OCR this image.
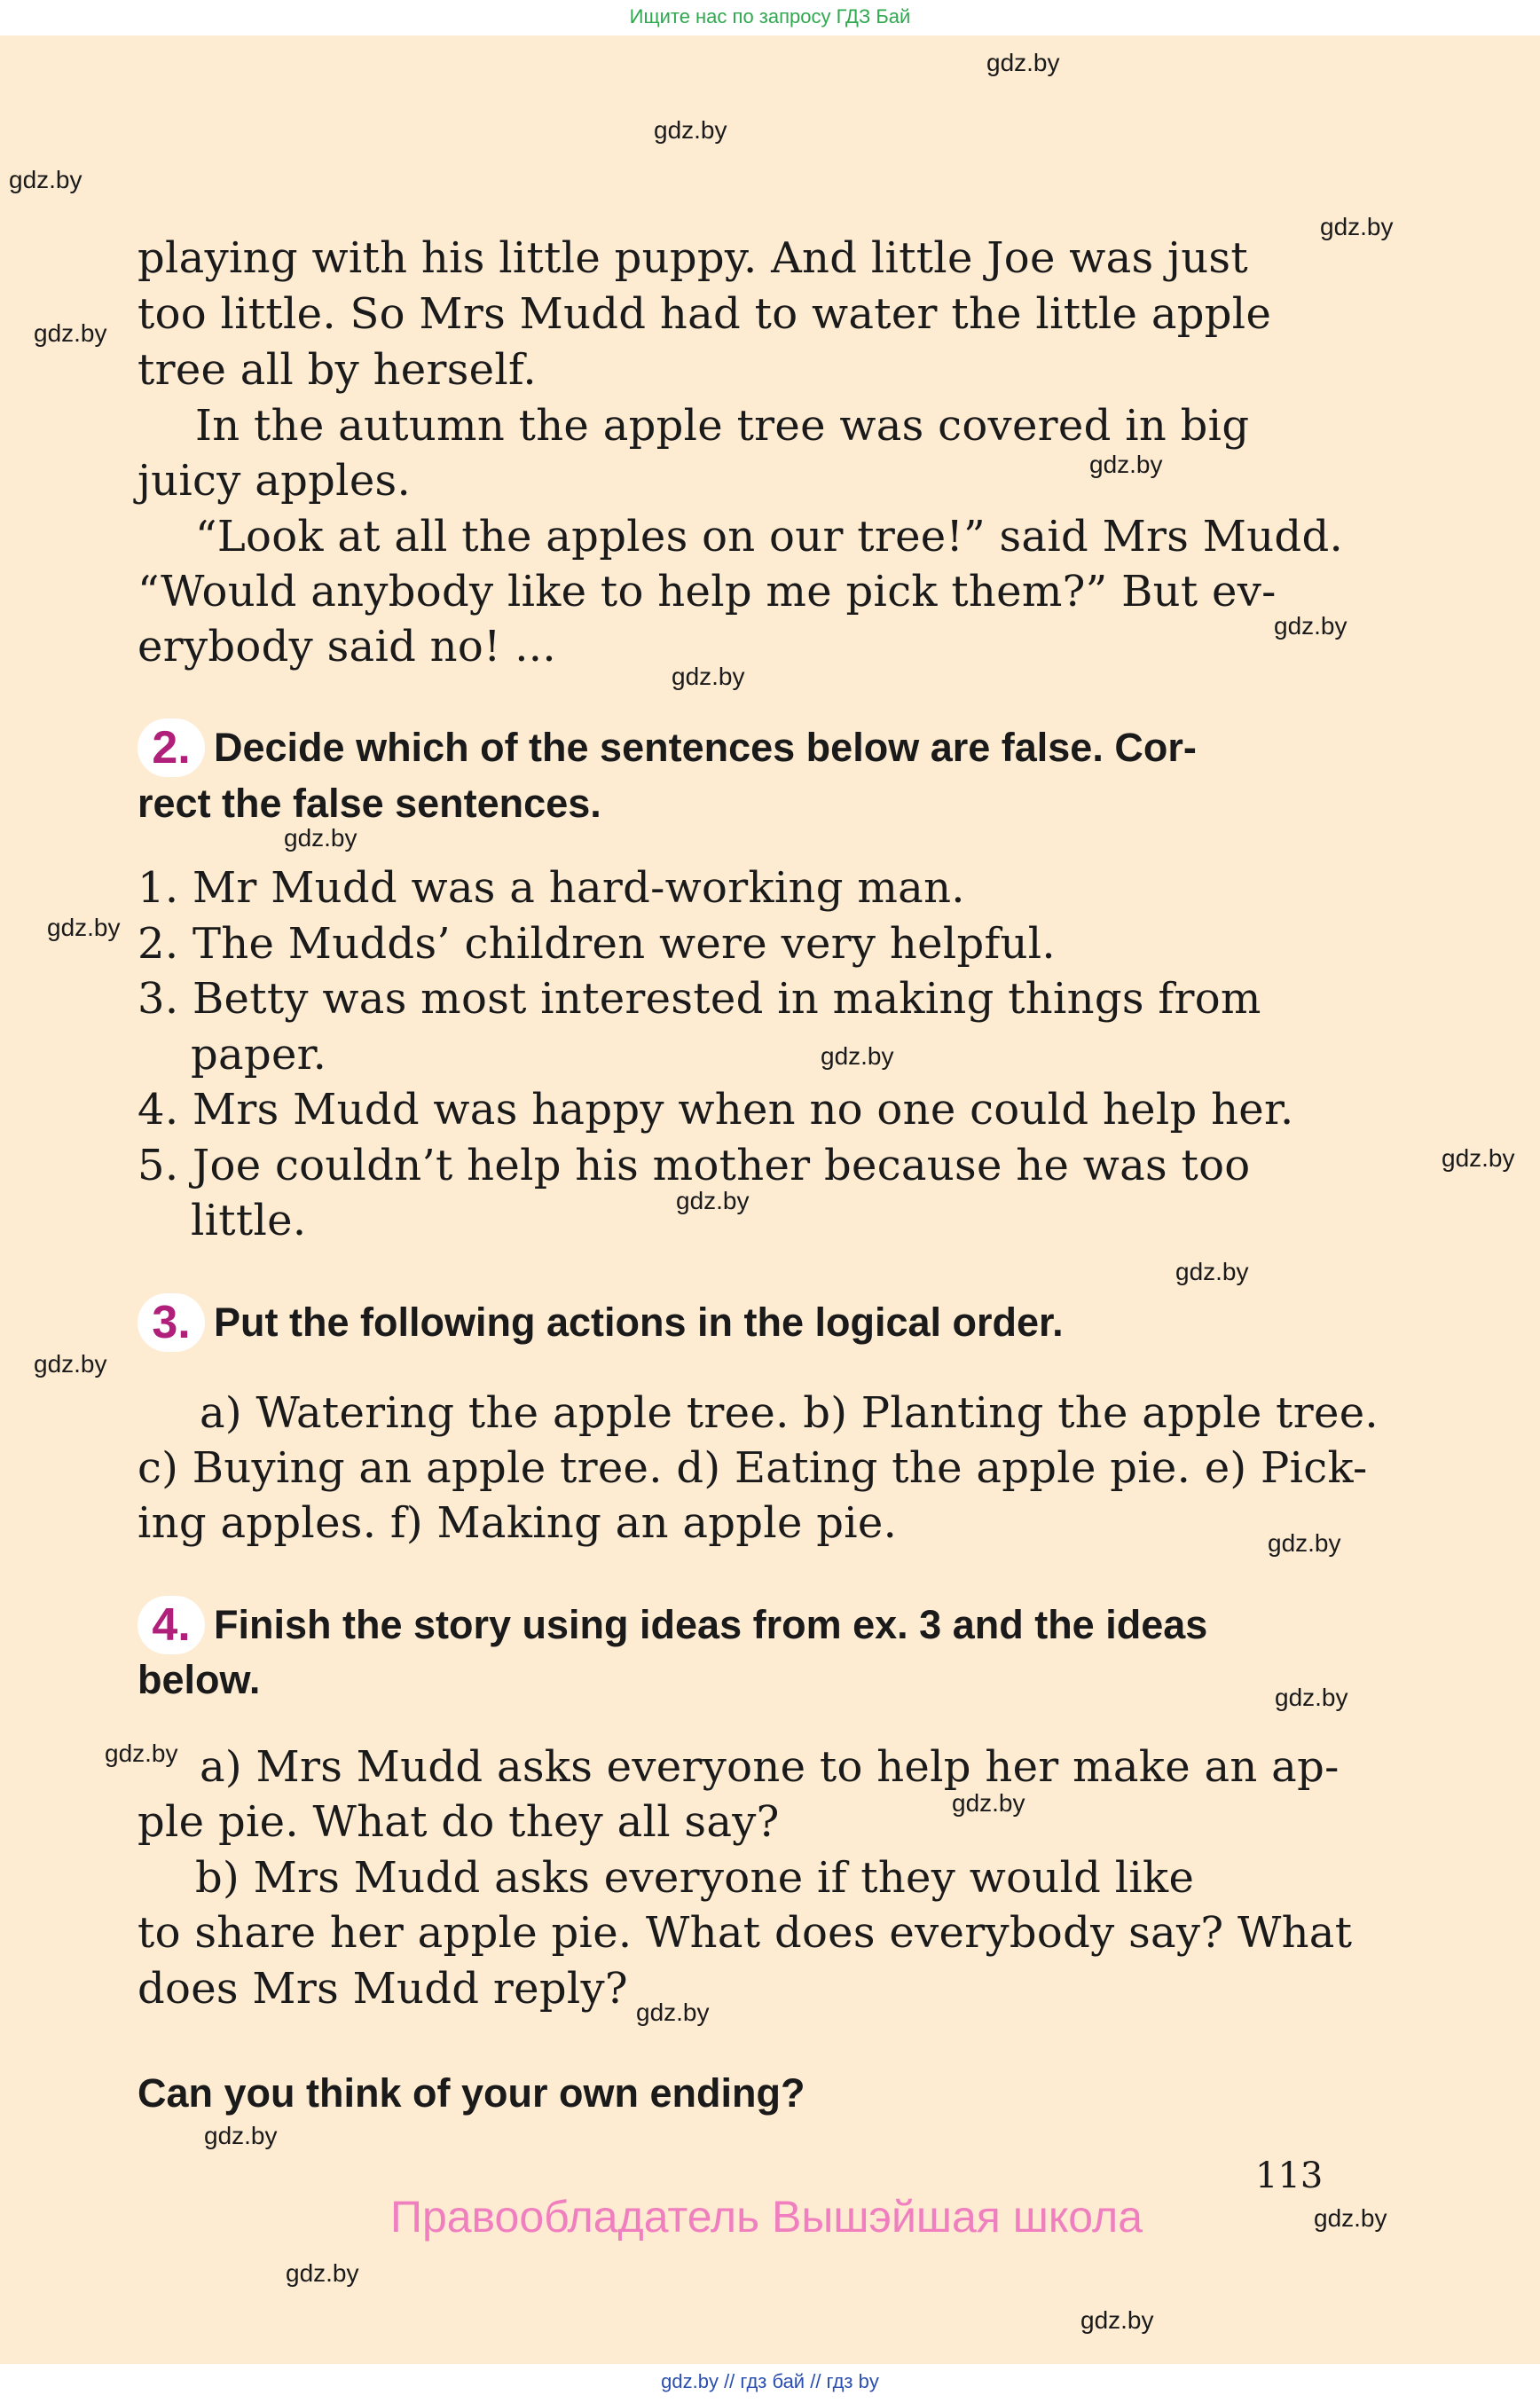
Ищите нас по запросу ГДЗ Бай
gdz.by
gdz.by
gdz.by
gdz.by
gdz.by
gdz.by
gdz.by
gdz.by
gdz.by
gdz.by
gdz.by
gdz.by
gdz.by
gdz.by
gdz.by
gdz.by
gdz.by
gdz.by
gdz.by
gdz.by
gdz.by
gdz.by
gdz.by
gdz.by
playing with his little puppy. And little Joe was just
too little. So Mrs Mudd had to water the little apple
tree all by herself.
In the autumn the apple tree was covered in big
juicy apples.
“Look at all the apples on our tree!” said Mrs Mudd.
“Would anybody like to help me pick them?” But ev-
erybody said no! ...
2. Decide which of the sentences below are false. Cor-
rect the false sentences.
1. Mr Mudd was a hard-working man.
2. The Mudds’ children were very helpful.
3. Betty was most interested in making things from
paper.
4. Mrs Mudd was happy when no one could help her.
5. Joe couldn’t help his mother because he was too
little.
3. Put the following actions in the logical order.
a) Watering the apple tree. b) Planting the apple tree.
c) Buying an apple tree. d) Eating the apple pie. e) Pick-
ing apples. f) Making an apple pie.
4. Finish the story using ideas from ex. 3 and the ideas
below.
a) Mrs Mudd asks everyone to help her make an ap-
ple pie. What do they all say?
b) Mrs Mudd asks everyone if they would like
to share her apple pie. What does everybody say? What
does Mrs Mudd reply?
Can you think of your own ending?
113
Правообладатель Вышэйшая школа
gdz.by // гдз бай // гдз by
